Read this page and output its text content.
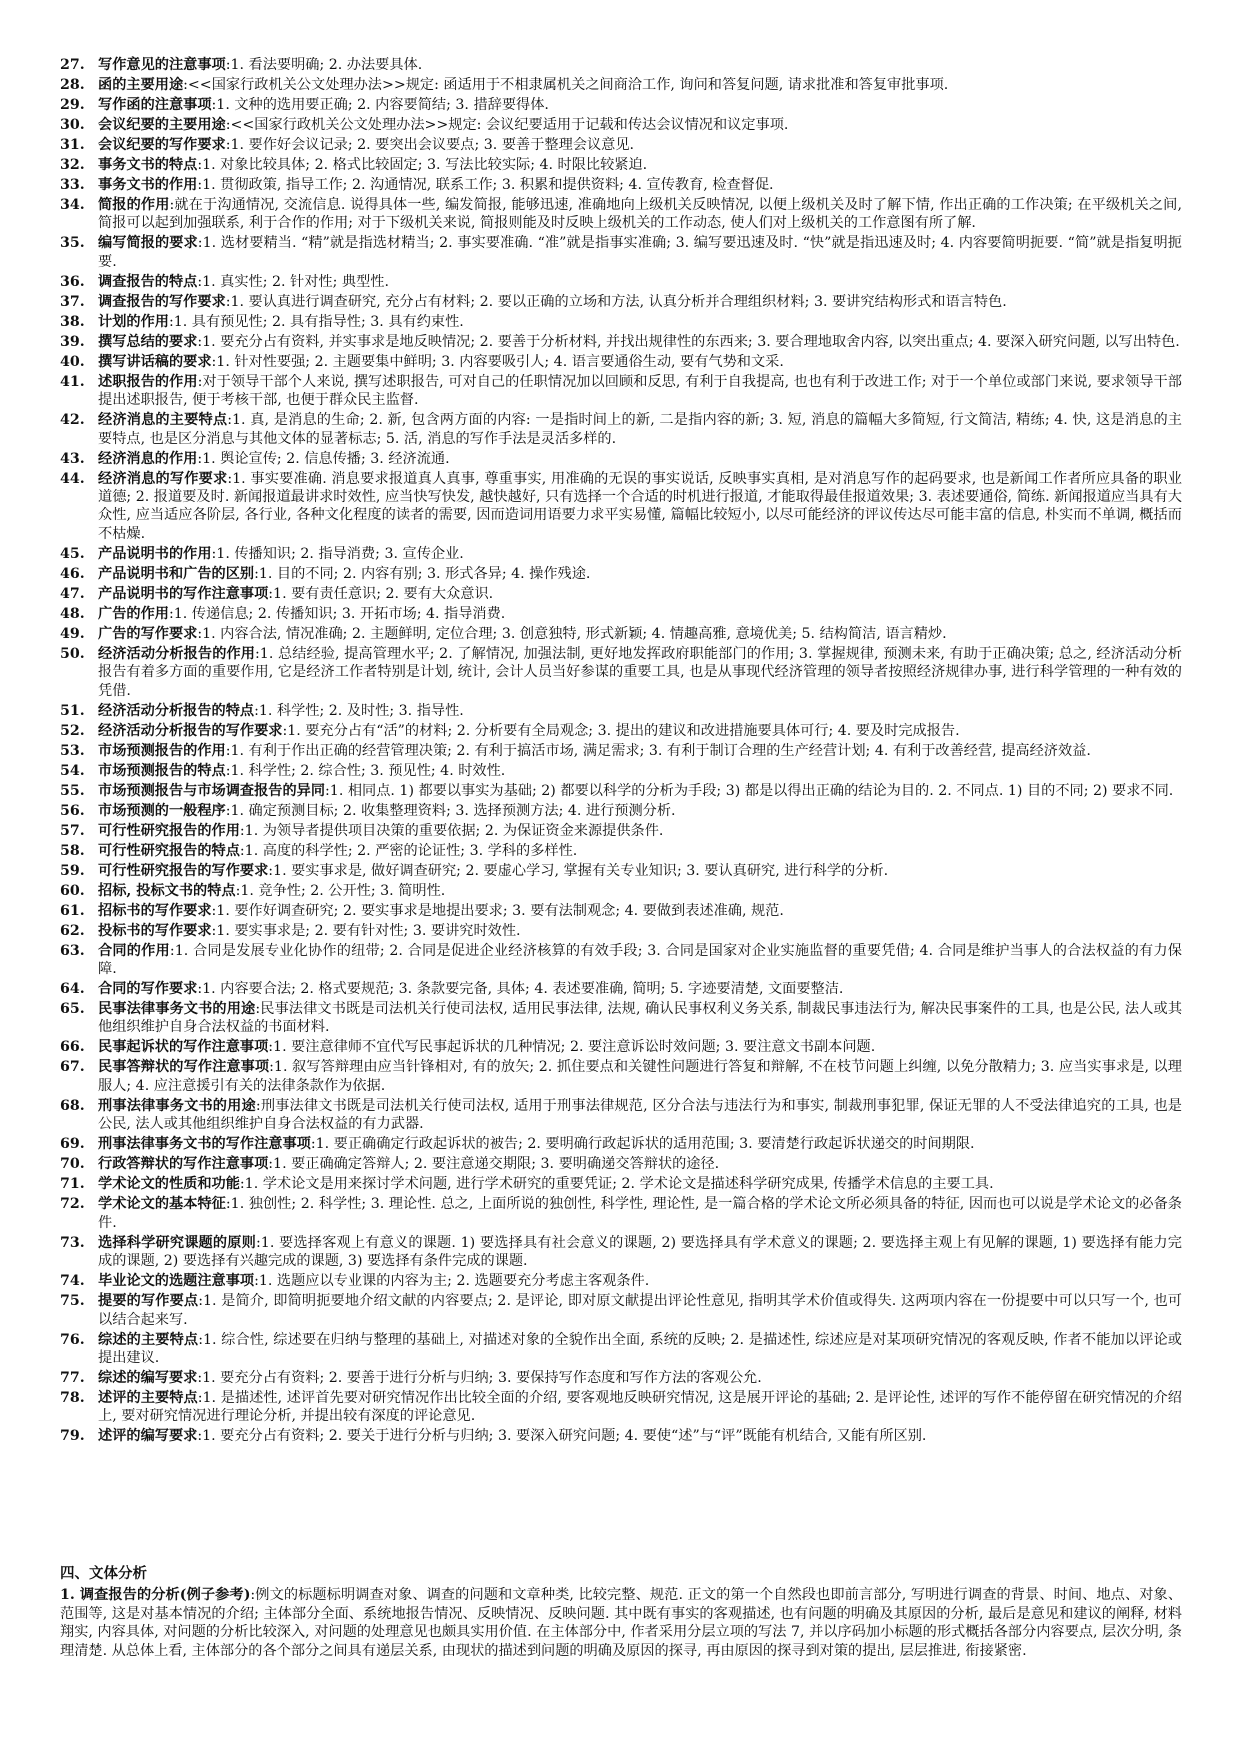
27. 写作意见的注意事项:1. 看法要明确; 2. 办法要具体.
28. 函的主要用途:<<国家行政机关公文处理办法>>规定: 函适用于不相隶属机关之间商洽工作, 询问和答复问题, 请求批准和答复审批事项.
29. 写作函的注意事项:1. 文种的选用要正确; 2. 内容要简结; 3. 措辞要得体.
30. 会议纪要的主要用途:<<国家行政机关公文处理办法>>规定: 会议纪要适用于记载和传达会议情况和议定事项.
31. 会议纪要的写作要求:1. 要作好会议记录; 2. 要突出会议要点; 3. 要善于整理会议意见.
32. 事务文书的特点:1. 对象比较具体; 2. 格式比较固定; 3. 写法比较实际; 4. 时限比较紧迫.
33. 事务文书的作用:1. 贯彻政策, 指导工作; 2. 沟通情况, 联系工作; 3. 积累和提供资料; 4. 宣传教育, 检查督促.
34. 简报的作用:就在于沟通情况, 交流信息. 说得具体一些, 编发简报, 能够迅速, 准确地向上级机关反映情况, 以便上级机关及时了解下情, 作出正确的工作决策; 在平级机关之间, 简报可以起到加强联系, 利于合作的作用; 对于下级机关来说, 简报则能及时反映上级机关的工作动态, 使人们对上级机关的工作意图有所了解.
35. 编写简报的要求:1. 选材要精当. “精”就是指选材精当; 2. 事实要准确. “准”就是指事实准确; 3. 编写要迅速及时. “快”就是指迅速及时; 4. 内容要简明扼要. “简”就是指复明扼要.
36. 调查报告的特点:1. 真实性; 2. 针对性; 典型性.
37. 调查报告的写作要求:1. 要认真进行调查研究, 充分占有材料; 2. 要以正确的立场和方法, 认真分析并合理组织材料; 3. 要讲究结构形式和语言特色.
38. 计划的作用:1. 具有预见性; 2. 具有指导性; 3. 具有约束性.
39. 撰写总结的要求:1. 要充分占有资料, 并实事求是地反映情况; 2. 要善于分析材料, 并找出规律性的东西来; 3. 要合理地取舍内容, 以突出重点; 4. 要深入研究问题, 以写出特色.
40. 撰写讲话稿的要求:1. 针对性要强; 2. 主题要集中鲜明; 3. 内容要吸引人; 4. 语言要通俗生动, 要有气势和文采.
41. 述职报告的作用:对于领导干部个人来说, 撰写述职报告, 可对自己的任职情况加以回顾和反思, 有利于自我提高, 也也有利于改进工作; 对于一个单位或部门来说, 要求领导干部提出述职报告, 便于考核干部, 也便于群众民主监督.
42. 经济消息的主要特点:1. 真, 是消息的生命; 2. 新, 包含两方面的内容: 一是指时间上的新, 二是指内容的新; 3. 短, 消息的篇幅大多简短, 行文简洁, 精练; 4. 快, 这是消息的主要特点, 也是区分消息与其他文体的显著标志; 5. 活, 消息的写作手法是灵活多样的.
43. 经济消息的作用:1. 舆论宣传; 2. 信息传播; 3. 经济流通.
44. 经济消息的写作要求:1. 事实要准确. 消息要求报道真人真事, 尊重事实, 用准确的无误的事实说话, 反映事实真相, 是对消息写作的起码要求, 也是新闻工作者所应具备的职业道德; 2. 报道要及时. 新闻报道最讲求时效性, 应当快写快发, 越快越好, 只有选择一个合适的时机进行报道, 才能取得最佳报道效果; 3. 表述要通俗, 简练. 新闻报道应当具有大众性, 应当适应各阶层, 各行业, 各种文化程度的读者的需要, 因而造词用语要力求平实易懂, 篇幅比较短小, 以尽可能经济的评议传达尽可能丰富的信息, 朴实而不单调, 概括而不枯燥.
45. 产品说明书的作用:1. 传播知识; 2. 指导消费; 3. 宣传企业.
46. 产品说明书和广告的区别:1. 目的不同; 2. 内容有别; 3. 形式各异; 4. 操作残途.
47. 产品说明书的写作注意事项:1. 要有责任意识; 2. 要有大众意识.
48. 广告的作用:1. 传递信息; 2. 传播知识; 3. 开拓市场; 4. 指导消费.
49. 广告的写作要求:1. 内容合法, 情况准确; 2. 主题鲜明, 定位合理; 3. 创意独特, 形式新颖; 4. 情趣高雅, 意境优美; 5. 结构简洁, 语言精炒.
50. 经济活动分析报告的作用:1. 总结经验, 提高管理水平; 2. 了解情况, 加强法制, 更好地发挥政府职能部门的作用; 3. 掌握规律, 预测未来, 有助于正确决策; 总之, 经济活动分析报告有着多方面的重要作用, 它是经济工作者特别是计划, 统计, 会计人员当好参谋的重要工具, 也是从事现代经济管理的领导者按照经济规律办事, 进行科学管理的一种有效的凭借.
51. 经济活动分析报告的特点:1. 科学性; 2. 及时性; 3. 指导性.
52. 经济活动分析报告的写作要求:1. 要充分占有“活”的材料; 2. 分析要有全局观念; 3. 提出的建议和改进措施要具体可行; 4. 要及时完成报告.
53. 市场预测报告的作用:1. 有利于作出正确的经营管理决策; 2. 有利于搞活市场, 满足需求; 3. 有利于制订合理的生产经营计划; 4. 有利于改善经营, 提高经济效益.
54. 市场预测报告的特点:1. 科学性; 2. 综合性; 3. 预见性; 4. 时效性.
55. 市场预测报告与市场调查报告的异同:1. 相同点. 1) 都要以事实为基础; 2) 都要以科学的分析为手段; 3) 都是以得出正确的结论为目的. 2. 不同点. 1) 目的不同; 2) 要求不同.
56. 市场预测的一般程序:1. 确定预测目标; 2. 收集整理资料; 3. 选择预测方法; 4. 进行预测分析.
57. 可行性研究报告的作用:1. 为领导者提供项目决策的重要依据; 2. 为保证资金来源提供条件.
58. 可行性研究报告的特点:1. 高度的科学性; 2. 严密的论证性; 3. 学科的多样性.
59. 可行性研究报告的写作要求:1. 要实事求是, 做好调查研究; 2. 要虚心学习, 掌握有关专业知识; 3. 要认真研究, 进行科学的分析.
60. 招标, 投标文书的特点:1. 竞争性; 2. 公开性; 3. 简明性.
61. 招标书的写作要求:1. 要作好调查研究; 2. 要实事求是地提出要求; 3. 要有法制观念; 4. 要做到表述准确, 规范.
62. 投标书的写作要求:1. 要实事求是; 2. 要有针对性; 3. 要讲究时效性.
63. 合同的作用:1. 合同是发展专业化协作的纽带; 2. 合同是促进企业经济核算的有效手段; 3. 合同是国家对企业实施监督的重要凭借; 4. 合同是维护当事人的合法权益的有力保障.
64. 合同的写作要求:1. 内容要合法; 2. 格式要规范; 3. 条款要完备, 具体; 4. 表述要准确, 简明; 5. 字迹要清楚, 文面要整洁.
65. 民事法律事务文书的用途:民事法律文书既是司法机关行使司法权, 适用民事法律, 法规, 确认民事权利义务关系, 制裁民事违法行为, 解决民事案件的工具, 也是公民, 法人或其他组织维护自身合法权益的书面材料.
66. 民事起诉状的写作注意事项:1. 要注意律师不宜代写民事起诉状的几种情况; 2. 要注意诉讼时效问题; 3. 要注意文书副本问题.
67. 民事答辩状的写作注意事项:1. 叙写答辩理由应当针锋相对, 有的放矢; 2. 抓住要点和关键性问题进行答复和辩解, 不在枝节问题上纠缠, 以免分散精力; 3. 应当实事求是, 以理服人; 4. 应注意援引有关的法律条款作为依据.
68. 刑事法律事务文书的用途:刑事法律文书既是司法机关行使司法权, 适用于刑事法律规范, 区分合法与违法行为和事实, 制裁刑事犯罪, 保证无罪的人不受法律追究的工具, 也是公民, 法人或其他组织维护自身合法权益的有力武器.
69. 刑事法律事务文书的写作注意事项:1. 要正确确定行政起诉状的被告; 2. 要明确行政起诉状的适用范围; 3. 要清楚行政起诉状递交的时间期限.
70. 行政答辩状的写作注意事项:1. 要正确确定答辩人; 2. 要注意递交期限; 3. 要明确递交答辩状的途径.
71. 学术论文的性质和功能:1. 学术论文是用来探讨学术问题, 进行学术研究的重要凭证; 2. 学术论文是描述科学研究成果, 传播学术信息的主要工具.
72. 学术论文的基本特征:1. 独创性; 2. 科学性; 3. 理论性. 总之, 上面所说的独创性, 科学性, 理论性, 是一篇合格的学术论文所必须具备的特征, 因而也可以说是学术论文的必备条件.
73. 选择科学研究课题的原则:1. 要选择客观上有意义的课题. 1) 要选择具有社会意义的课题, 2) 要选择具有学术意义的课题; 2. 要选择主观上有见解的课题, 1) 要选择有能力完成的课题, 2) 要选择有兴趣完成的课题, 3) 要选择有条件完成的课题.
74. 毕业论文的选题注意事项:1. 选题应以专业课的内容为主; 2. 选题要充分考虑主客观条件.
75. 提要的写作要点:1. 是简介, 即简明扼要地介绍文献的内容要点; 2. 是评论, 即对原文献提出评论性意见, 指明其学术价值或得失. 这两项内容在一份提要中可以只写一个, 也可以结合起来写.
76. 综述的主要特点:1. 综合性, 综述要在归纳与整理的基础上, 对描述对象的全貌作出全面, 系统的反映; 2. 是描述性, 综述应是对某项研究情况的客观反映, 作者不能加以评论或提出建议.
77. 综述的编写要求:1. 要充分占有资料; 2. 要善于进行分析与归纳; 3. 要保持写作态度和写作方法的客观公允.
78. 述评的主要特点:1. 是描述性, 述评首先要对研究情况作出比较全面的介绍, 要客观地反映研究情况, 这是展开评论的基础; 2. 是评论性, 述评的写作不能停留在研究情况的介绍上, 要对研究情况进行理论分析, 并提出较有深度的评论意见.
79. 述评的编写要求:1. 要充分占有资料; 2. 要关于进行分析与归纳; 3. 要深入研究问题; 4. 要使“述”与“评”既能有机结合, 又能有所区别.
四、文体分析
1. 调查报告的分析(例子参考):例文的标题标明调查对象、调查的问题和文章种类, 比较完整、规范. 正文的第一个自然段也即前言部分, 写明进行调查的背景、时间、地点、对象、范围等, 这是对基本情况的介绍; 主体部分全面、系统地报告情况、反映情况、反映问题. 其中既有事实的客观描述, 也有问题的明确及其原因的分析, 最后是意见和建议的阐释, 材料翔实, 内容具体, 对问题的分析比较深入, 对问题的处理意见也颇具实用价值. 在主体部分中, 作者采用分层立项的写法 7, 并以序码加小标题的形式概括各部分内容要点, 层次分明, 条理清楚. 从总体上看, 主体部分的各个部分之间具有递层关系, 由现状的描述到问题的明确及原因的探寻, 再由原因的探寻到对策的提出, 层层推进, 衔接紧密.
